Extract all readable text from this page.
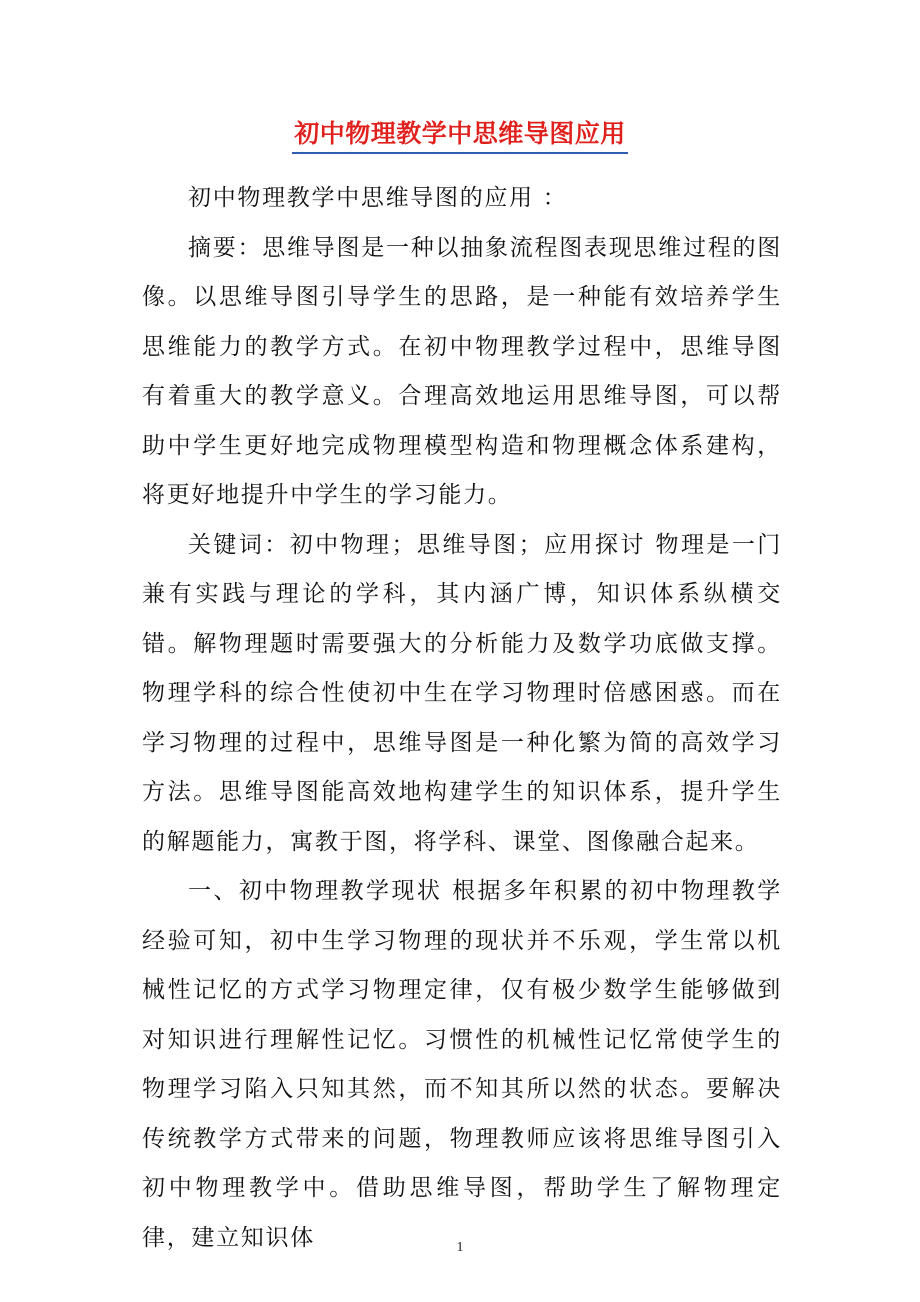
初中物理教学中思维导图应用

初中物理教学中思维导图的应用 ：

摘要：思维导图是一种以抽象流程图表现思维过程的图像。以思维导图引导学生的思路，是一种能有效培养学生思维能力的教学方式。在初中物理教学过程中，思维导图有着重大的教学意义。合理高效地运用思维导图，可以帮助中学生更好地完成物理模型构造和物理概念体系建构，将更好地提升中学生的学习能力。

关键词：初中物理；思维导图；应用探讨 物理是一门兼有实践与理论的学科，其内涵广博，知识体系纵横交错。解物理题时需要强大的分析能力及数学功底做支撑。物理学科的综合性使初中生在学习物理时倍感困惑。而在学习物理的过程中，思维导图是一种化繁为简的高效学习方法。思维导图能高效地构建学生的知识体系，提升学生的解题能力，寓教于图，将学科、课堂、图像融合起来。

一、初中物理教学现状 根据多年积累的初中物理教学经验可知，初中生学习物理的现状并不乐观，学生常以机械性记忆的方式学习物理定律，仅有极少数学生能够做到对知识进行理解性记忆。习惯性的机械性记忆常使学生的物理学习陷入只知其然，而不知其所以然的状态。要解决传统教学方式带来的问题，物理教师应该将思维导图引入初中物理教学中。借助思维导图，帮助学生了解物理定律，建立知识体	1
